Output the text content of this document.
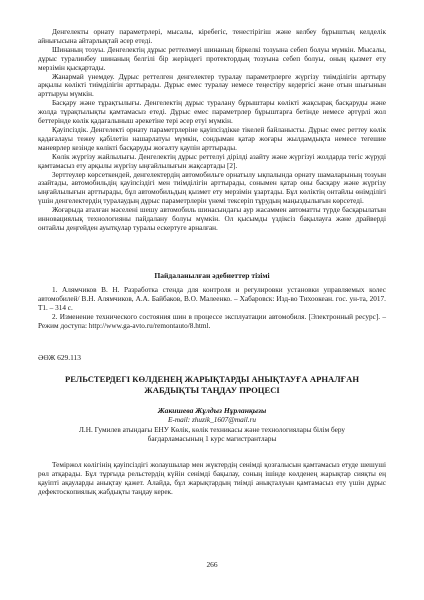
Денгелекты орнату параметрлері, мысалы, кіребегіс, тенестірігіш және келбеу бұрыштың келделік айнығысына айтарлықтай әсер етеді.

Шинаның тозуы. Денгелектің дұрыс реттелмеуі шинаның біркелкі тозуына себеп болуы мүмкін. Мысалы, дұрыс туралинбеу шинаның белгілі бір жеріндегі протектордың тозуына себеп болуы, оның қызмет ету мерзімін қысқартады.

Жанармай үнемдеу. Дұрыс реттелген денгелектер туралау параметрлерге жүргізу тиімділігін арттыру арқылы көлікті тиімділігін арттырады. Дұрыс емес туралау немесе теңестіру кедергісі және отын шығынын арттыруы мүмкін.

Басқару және тұрақтылығы. Денгелектің дұрыс туралану бұрыштары көлікті жақсырақ басқаруды және жолда тұрақтылықты қамтамасыз етеді. Дұрыс емес параметрлер бұрыштарға бетінде немесе әртүрлі жол беттерінде көлік қадағалыныш әрекетіне тері әсер етуі мүмкін.

Қауіпсіздік. Денгелекті орнату параметрлеріне қауіпсіздікке тікелей байланысты. Дұрыс емес реттеу көлік қадағалауы тежеу қабілетін нашарлатуы мүмкін, сондыман қатар жоғары жылдамдықта немесе тегешие маневрлер кезінде көлікті басқаруды жоғалту қаупін арттырады.

Көлік жүргізу жайлылығы. Денгелектің дұрыс реттелуі дірілді азайту және жүргізуі жолдарда тегіс жүруді қамтамасыз ету арқылы жүргізу ыңғайлылығын жақсартады [2].

Зерттеулер көрсеткендей, денгелектердің автомобильге орнатылу ықпалында орнату шамаларының тозуын азайтады, автомобильдің қауіпсіздігі мен тиімділігін арттырады, сонымен қатар оны басқару және жүргізу ыңғайлылығын арттырады, бұл автомобильдың қызмет ету мерзімін ұзартады. Бұл көліктің онтайлы өнімділігі үшін денгелектердің туралаудың дұрыс параметрлерін үнемі тексеріп тұрудың маңыздылығын көрсетеді.

Жоғарыда аталған мәселені шешу автомобиль шинасындағы аур жасаммен автоматты түрде басқарылатын инновациялық технологияны пайдалану болуы мүмкін. Ол қысымды үздіксіз бақылауға және драйверді онтайлы деңгейден ауытқулар туралы ескертуге арналған.

Пайдаланылған әдебиеттер тізімі

1. Алямчиков В. Н. Разработка стенда для контроля и регулировки установки управляемых колес автомобилей/ В.Н. Алямчиков, А.А. Байбаков, В.О. Малеенко. – Хабаровск: Изд-во Тихоокеан. гос. ун-та, 2017. Т1. – 314 с.

2. Изменение технического состояния шин в процессе эксплуатации автомобиля. [Электронный ресурс]. – Режим доступа: http://www.ga-avto.ru/remontauto/8.html.

ӘӨЖ 629.113

РЕЛЬСТЕРДЕГІ КӨЛДЕНЕҢ ЖАРЫҚТАРДЫ АНЫҚТАУҒА АРНАЛҒАН ЖАБДЫҚТЫ ТАҢДАУ ПРОЦЕСІ

Жакишева Жұлдыз Нұрланқызы

E-mail: zhuzik_1607@mail.ru

Л.Н. Гумилев атындағы ЕНУ Көлік, көлік техникасы және технологиялары білім беру бағдарламасының 1 курс магистрантлары

Теміржол көлігінің қауіпсіздігі жолаушылар мен жүктердің сенімді қозғалысын қамтамасыз етуде шешуші рөл атқарады. Бұл тұрғыда рельстердің күйін сенімді бақылау, соның ішінде көлденең жарықтар сияқты ең қауіпті ақауларды анықтау қажет. Алайда, бұл жарықтардың тиімді анықталуын қамтамасыз ету үшін дұрыс дефектоскопиялық жабдықты таңдау керек.

266
